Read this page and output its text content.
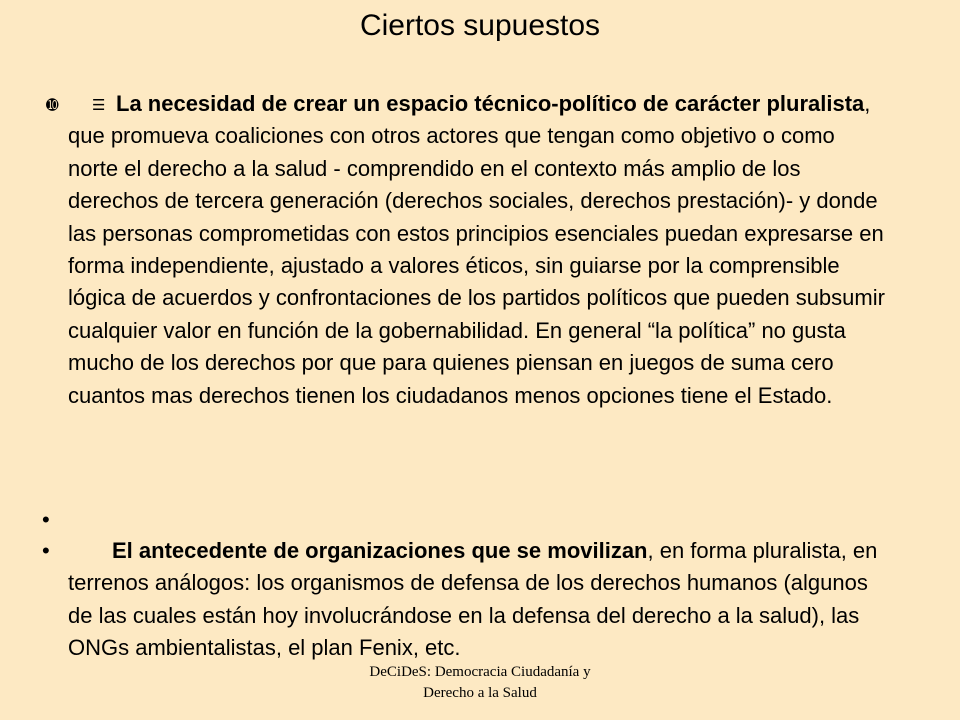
Ciertos supuestos
➓ ☰ La necesidad de crear un espacio técnico-político de carácter pluralista, que promueva coaliciones con otros actores que tengan como objetivo o como norte el derecho a la salud - comprendido en el contexto más amplio de los derechos de tercera generación (derechos sociales, derechos prestación)- y donde las personas comprometidas con estos principios esenciales puedan expresarse en forma independiente, ajustado a valores éticos, sin guiarse por la comprensible lógica de acuerdos y confrontaciones de los partidos políticos que pueden subsumir cualquier valor en función de la gobernabilidad. En general “la política” no gusta mucho de los derechos por que para quienes piensan en juegos de suma cero cuantos mas derechos tienen los ciudadanos menos opciones tiene el Estado.
•
•	El antecedente de organizaciones que se movilizan, en forma pluralista, en terrenos análogos: los organismos de defensa de los derechos humanos (algunos de las cuales están hoy involucrándose en la defensa del derecho a la salud), las ONGs ambientalistas, el plan Fenix, etc.
DeCiDeS: Democracia Ciudadanía y
Derecho a la Salud
